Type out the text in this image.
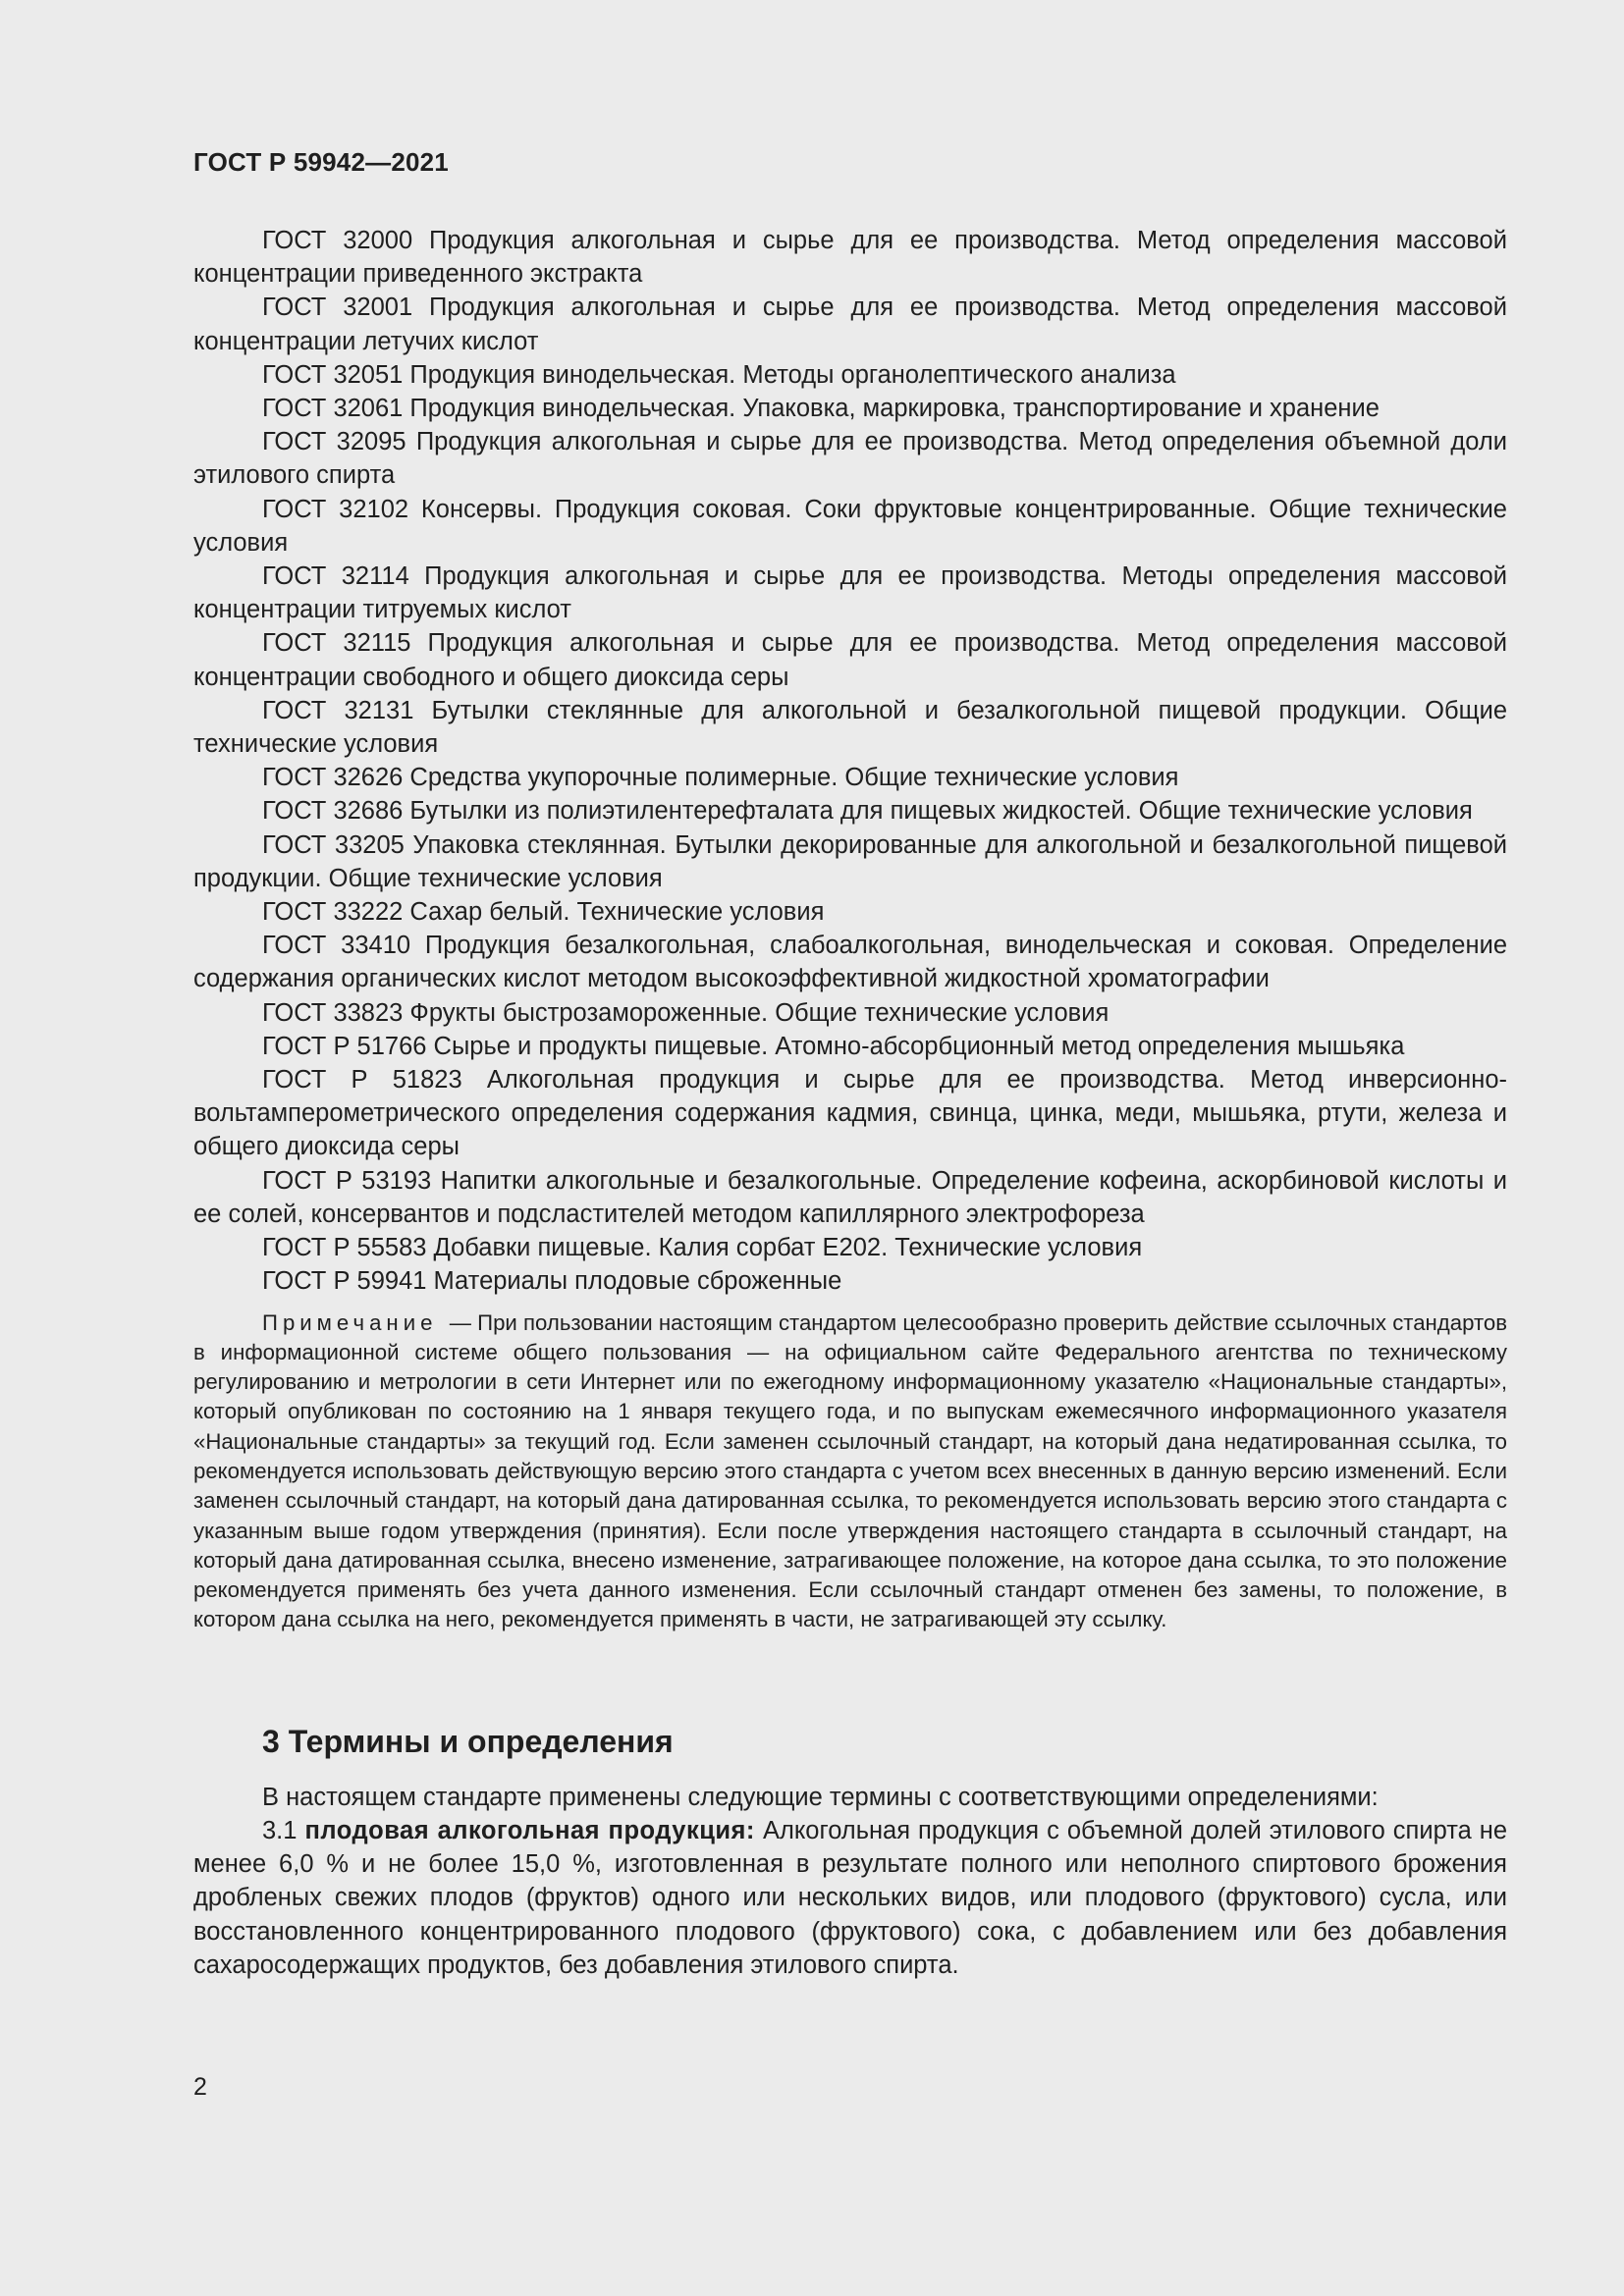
ГОСТ Р 59942—2021

ГОСТ 32000 Продукция алкогольная и сырье для ее производства. Метод определения массовой концентрации приведенного экстракта

ГОСТ 32001 Продукция алкогольная и сырье для ее производства. Метод определения массовой концентрации летучих кислот

ГОСТ 32051 Продукция винодельческая. Методы органолептического анализа

ГОСТ 32061 Продукция винодельческая. Упаковка, маркировка, транспортирование и хранение

ГОСТ 32095 Продукция алкогольная и сырье для ее производства. Метод определения объемной доли этилового спирта

ГОСТ 32102 Консервы. Продукция соковая. Соки фруктовые концентрированные. Общие технические условия

ГОСТ 32114 Продукция алкогольная и сырье для ее производства. Методы определения массовой концентрации титруемых кислот

ГОСТ 32115 Продукция алкогольная и сырье для ее производства. Метод определения массовой концентрации свободного и общего диоксида серы

ГОСТ 32131 Бутылки стеклянные для алкогольной и безалкогольной пищевой продукции. Общие технические условия

ГОСТ 32626 Средства укупорочные полимерные. Общие технические условия

ГОСТ 32686 Бутылки из полиэтилентерефталата для пищевых жидкостей. Общие технические условия

ГОСТ 33205 Упаковка стеклянная. Бутылки декорированные для алкогольной и безалкогольной пищевой продукции. Общие технические условия

ГОСТ 33222 Сахар белый. Технические условия

ГОСТ 33410 Продукция безалкогольная, слабоалкогольная, винодельческая и соковая. Определение содержания органических кислот методом высокоэффективной жидкостной хроматографии

ГОСТ 33823 Фрукты быстрозамороженные. Общие технические условия

ГОСТ Р 51766 Сырье и продукты пищевые. Атомно-абсорбционный метод определения мышьяка

ГОСТ Р 51823 Алкогольная продукция и сырье для ее производства. Метод инверсионно-вольтамперометрического определения содержания кадмия, свинца, цинка, меди, мышьяка, ртути, железа и общего диоксида серы

ГОСТ Р 53193 Напитки алкогольные и безалкогольные. Определение кофеина, аскорбиновой кислоты и ее солей, консервантов и подсластителей методом капиллярного электрофореза

ГОСТ Р 55583 Добавки пищевые. Калия сорбат Е202. Технические условия

ГОСТ Р 59941 Материалы плодовые сброженные

Примечание — При пользовании настоящим стандартом целесообразно проверить действие ссылочных стандартов в информационной системе общего пользования — на официальном сайте Федерального агентства по техническому регулированию и метрологии в сети Интернет или по ежегодному информационному указателю «Национальные стандарты», который опубликован по состоянию на 1 января текущего года, и по выпускам ежемесячного информационного указателя «Национальные стандарты» за текущий год. Если заменен ссылочный стандарт, на который дана недатированная ссылка, то рекомендуется использовать действующую версию этого стандарта с учетом всех внесенных в данную версию изменений. Если заменен ссылочный стандарт, на который дана датированная ссылка, то рекомендуется использовать версию этого стандарта с указанным выше годом утверждения (принятия). Если после утверждения настоящего стандарта в ссылочный стандарт, на который дана датированная ссылка, внесено изменение, затрагивающее положение, на которое дана ссылка, то это положение рекомендуется применять без учета данного изменения. Если ссылочный стандарт отменен без замены, то положение, в котором дана ссылка на него, рекомендуется применять в части, не затрагивающей эту ссылку.

3 Термины и определения

В настоящем стандарте применены следующие термины с соответствующими определениями:

3.1 плодовая алкогольная продукция: Алкогольная продукция с объемной долей этилового спирта не менее 6,0 % и не более 15,0 %, изготовленная в результате полного или неполного спиртового брожения дробленых свежих плодов (фруктов) одного или нескольких видов, или плодового (фруктового) сусла, или восстановленного концентрированного плодового (фруктового) сока, с добавлением или без добавления сахаросодержащих продуктов, без добавления этилового спирта.

2
